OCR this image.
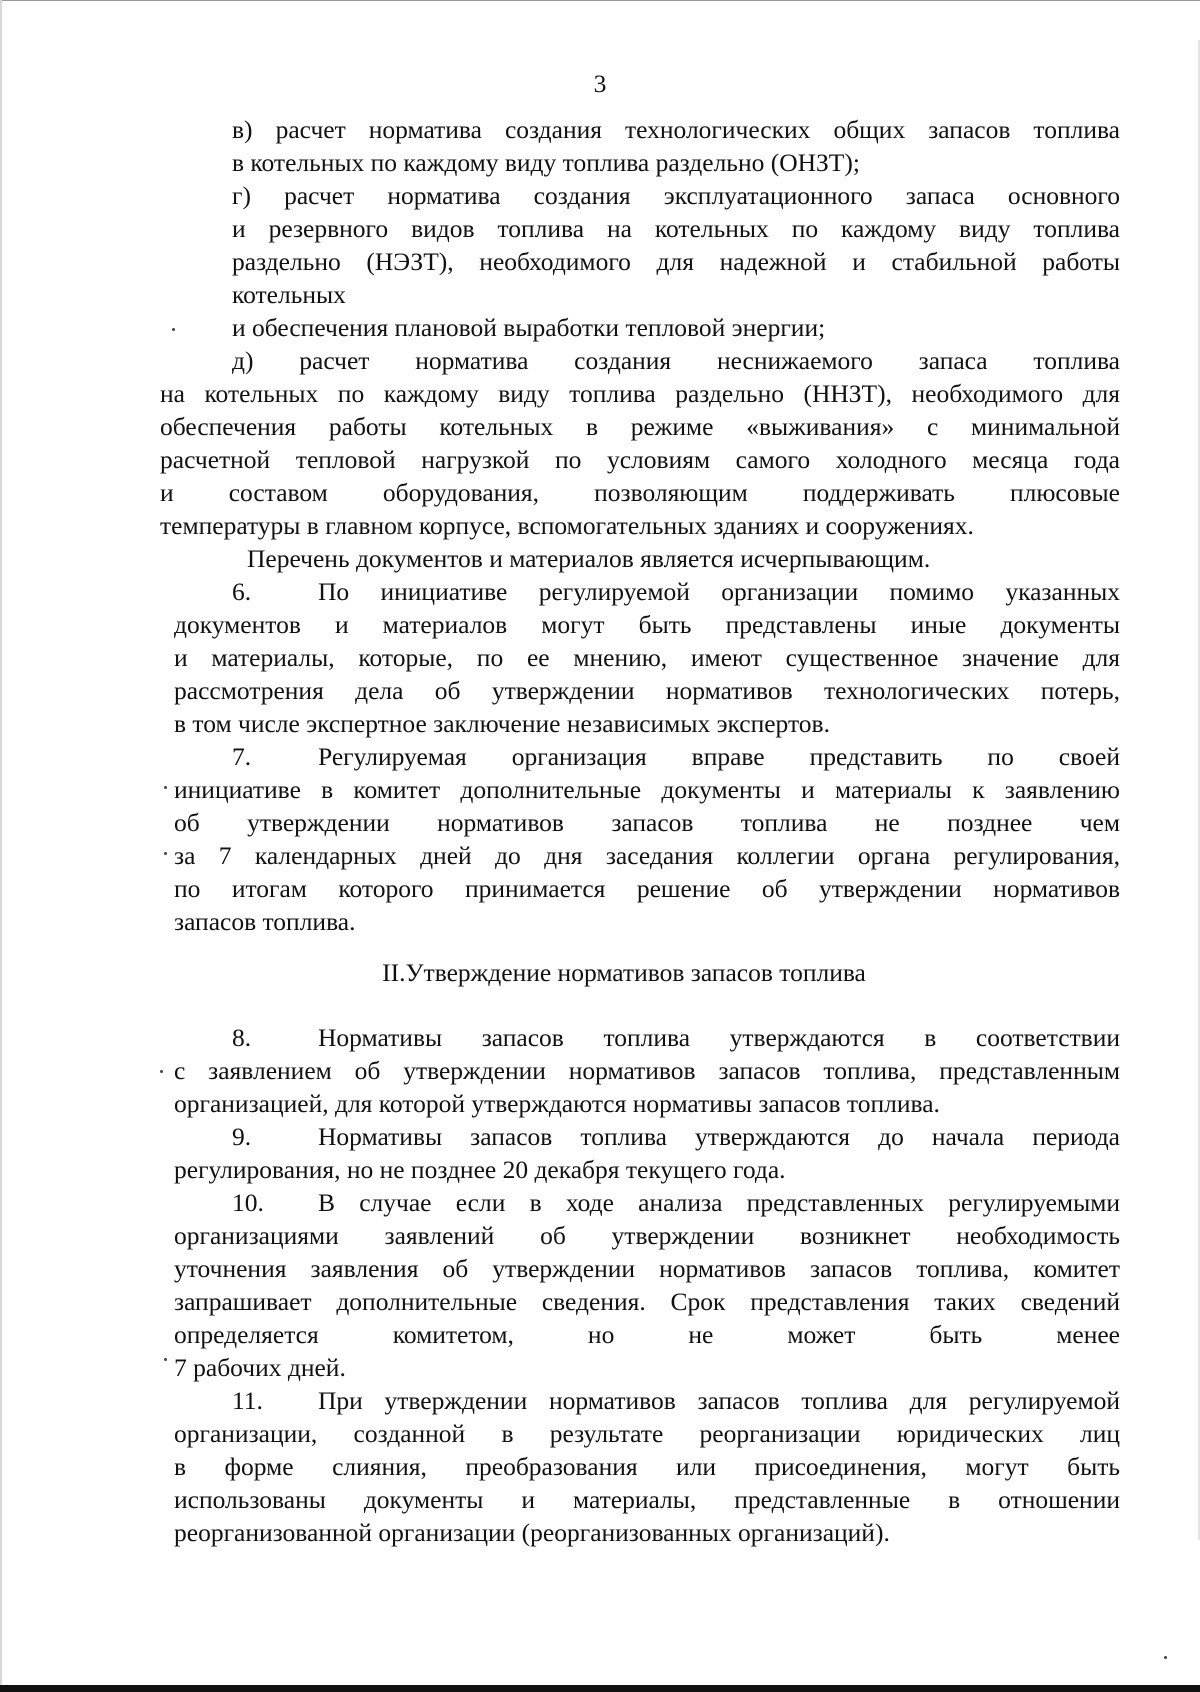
3
в) расчет норматива создания технологических общих запасов топлива
в котельных по каждому виду топлива раздельно (ОНЗТ);
г) расчет норматива создания эксплуатационного запаса основного
и резервного видов топлива на котельных по каждому виду топлива
раздельно (НЭЗТ), необходимого для надежной и стабильной работы
котельных
и обеспечения плановой выработки тепловой энергии;
д) расчет норматива создания неснижаемого запаса топлива
на котельных по каждому виду топлива раздельно (ННЗТ), необходимого для
обеспечения работы котельных в режиме «выживания» с минимальной
расчетной тепловой нагрузкой по условиям самого холодного месяца года
и составом оборудования, позволяющим поддерживать плюсовые
температуры в главном корпусе, вспомогательных зданиях и сооружениях.
Перечень документов и материалов является исчерпывающим.
6.	По инициативе регулируемой организации помимо указанных
документов и материалов могут быть представлены иные документы
и материалы, которые, по ее мнению, имеют существенное значение для
рассмотрения дела об утверждении нормативов технологических потерь,
в том числе экспертное заключение независимых экспертов.
7.	Регулируемая организация вправе представить по своей
инициативе в комитет дополнительные документы и материалы к заявлению
об утверждении нормативов запасов топлива не позднее чем
за 7 календарных дней до дня заседания коллегии органа регулирования,
по итогам которого принимается решение об утверждении нормативов
запасов топлива.
II.Утверждение нормативов запасов топлива
8.	Нормативы запасов топлива утверждаются в соответствии
с заявлением об утверждении нормативов запасов топлива, представленным
организацией, для которой утверждаются нормативы запасов топлива.
9.	Нормативы запасов топлива утверждаются до начала периода
регулирования, но не позднее 20 декабря текущего года.
10. В случае если в ходе анализа представленных регулируемыми
организациями заявлений об утверждении возникнет необходимость
уточнения заявления об утверждении нормативов запасов топлива, комитет
запрашивает дополнительные сведения. Срок представления таких сведений
определяется комитетом, но не может быть менее
7 рабочих дней.
11. При утверждении нормативов запасов топлива для регулируемой
организации, созданной в результате реорганизации юридических лиц
в форме слияния, преобразования или присоединения, могут быть
использованы документы и материалы, представленные в отношении
реорганизованной организации (реорганизованных организаций).
